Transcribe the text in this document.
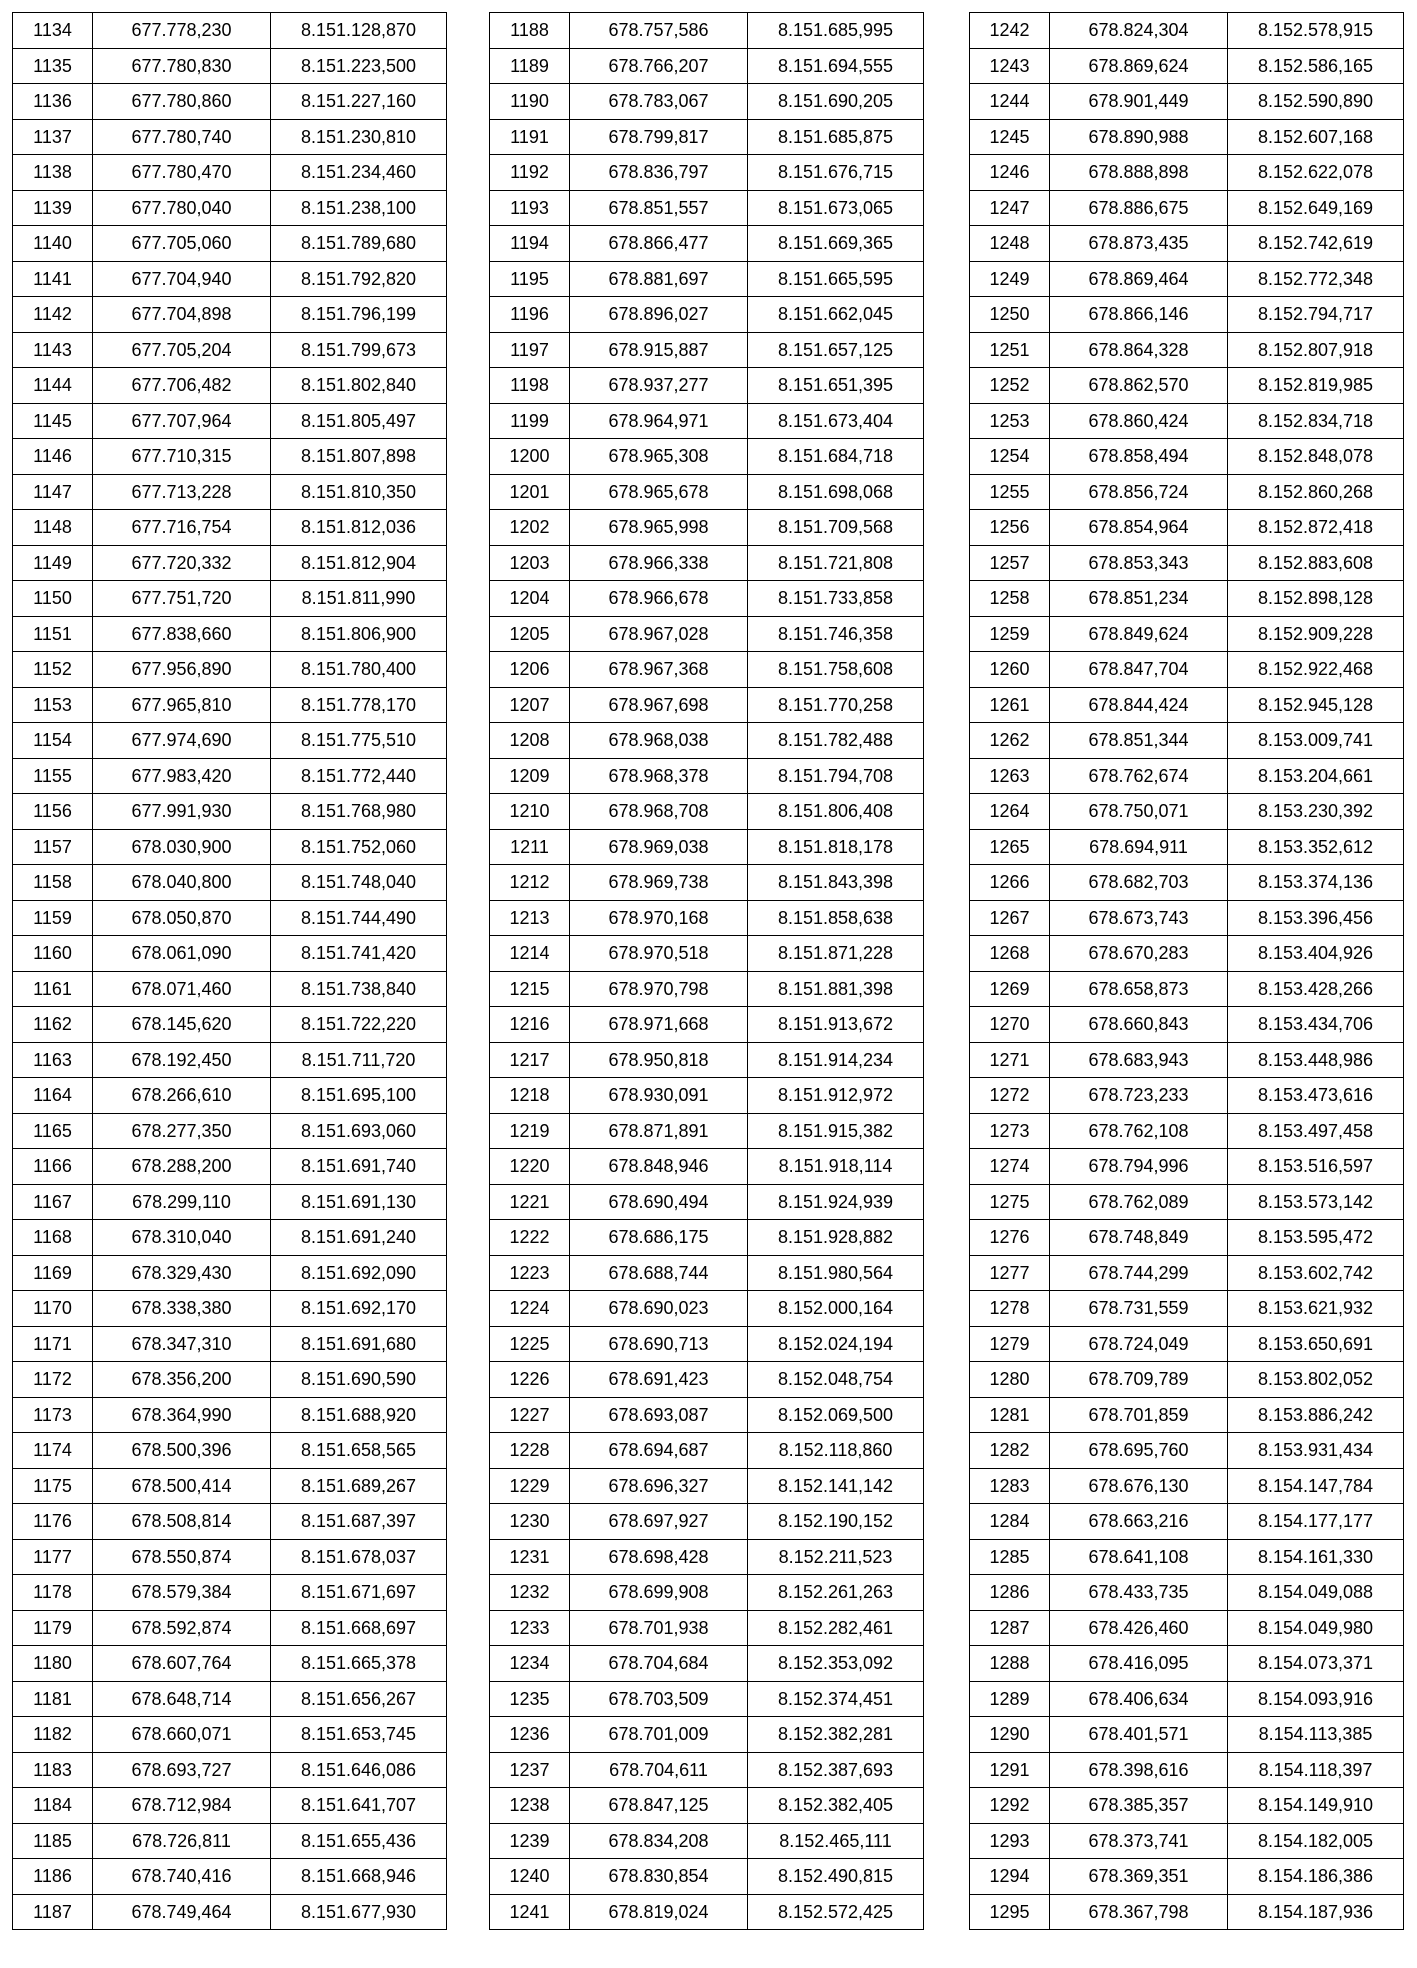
1134	677.778,230	8.151.128,870
1135	677.780,830	8.151.223,500
1136	677.780,860	8.151.227,160
1137	677.780,740	8.151.230,810
1138	677.780,470	8.151.234,460
1139	677.780,040	8.151.238,100
1140	677.705,060	8.151.789,680
1141	677.704,940	8.151.792,820
1142	677.704,898	8.151.796,199
1143	677.705,204	8.151.799,673
1144	677.706,482	8.151.802,840
1145	677.707,964	8.151.805,497
1146	677.710,315	8.151.807,898
1147	677.713,228	8.151.810,350
1148	677.716,754	8.151.812,036
1149	677.720,332	8.151.812,904
1150	677.751,720	8.151.811,990
1151	677.838,660	8.151.806,900
1152	677.956,890	8.151.780,400
1153	677.965,810	8.151.778,170
1154	677.974,690	8.151.775,510
1155	677.983,420	8.151.772,440
1156	677.991,930	8.151.768,980
1157	678.030,900	8.151.752,060
1158	678.040,800	8.151.748,040
1159	678.050,870	8.151.744,490
1160	678.061,090	8.151.741,420
1161	678.071,460	8.151.738,840
1162	678.145,620	8.151.722,220
1163	678.192,450	8.151.711,720
1164	678.266,610	8.151.695,100
1165	678.277,350	8.151.693,060
1166	678.288,200	8.151.691,740
1167	678.299,110	8.151.691,130
1168	678.310,040	8.151.691,240
1169	678.329,430	8.151.692,090
1170	678.338,380	8.151.692,170
1171	678.347,310	8.151.691,680
1172	678.356,200	8.151.690,590
1173	678.364,990	8.151.688,920
1174	678.500,396	8.151.658,565
1175	678.500,414	8.151.689,267
1176	678.508,814	8.151.687,397
1177	678.550,874	8.151.678,037
1178	678.579,384	8.151.671,697
1179	678.592,874	8.151.668,697
1180	678.607,764	8.151.665,378
1181	678.648,714	8.151.656,267
1182	678.660,071	8.151.653,745
1183	678.693,727	8.151.646,086
1184	678.712,984	8.151.641,707
1185	678.726,811	8.151.655,436
1186	678.740,416	8.151.668,946
1187	678.749,464	8.151.677,930
1188	678.757,586	8.151.685,995
1189	678.766,207	8.151.694,555
1190	678.783,067	8.151.690,205
1191	678.799,817	8.151.685,875
1192	678.836,797	8.151.676,715
1193	678.851,557	8.151.673,065
1194	678.866,477	8.151.669,365
1195	678.881,697	8.151.665,595
1196	678.896,027	8.151.662,045
1197	678.915,887	8.151.657,125
1198	678.937,277	8.151.651,395
1199	678.964,971	8.151.673,404
1200	678.965,308	8.151.684,718
1201	678.965,678	8.151.698,068
1202	678.965,998	8.151.709,568
1203	678.966,338	8.151.721,808
1204	678.966,678	8.151.733,858
1205	678.967,028	8.151.746,358
1206	678.967,368	8.151.758,608
1207	678.967,698	8.151.770,258
1208	678.968,038	8.151.782,488
1209	678.968,378	8.151.794,708
1210	678.968,708	8.151.806,408
1211	678.969,038	8.151.818,178
1212	678.969,738	8.151.843,398
1213	678.970,168	8.151.858,638
1214	678.970,518	8.151.871,228
1215	678.970,798	8.151.881,398
1216	678.971,668	8.151.913,672
1217	678.950,818	8.151.914,234
1218	678.930,091	8.151.912,972
1219	678.871,891	8.151.915,382
1220	678.848,946	8.151.918,114
1221	678.690,494	8.151.924,939
1222	678.686,175	8.151.928,882
1223	678.688,744	8.151.980,564
1224	678.690,023	8.152.000,164
1225	678.690,713	8.152.024,194
1226	678.691,423	8.152.048,754
1227	678.693,087	8.152.069,500
1228	678.694,687	8.152.118,860
1229	678.696,327	8.152.141,142
1230	678.697,927	8.152.190,152
1231	678.698,428	8.152.211,523
1232	678.699,908	8.152.261,263
1233	678.701,938	8.152.282,461
1234	678.704,684	8.152.353,092
1235	678.703,509	8.152.374,451
1236	678.701,009	8.152.382,281
1237	678.704,611	8.152.387,693
1238	678.847,125	8.152.382,405
1239	678.834,208	8.152.465,111
1240	678.830,854	8.152.490,815
1241	678.819,024	8.152.572,425
1242	678.824,304	8.152.578,915
1243	678.869,624	8.152.586,165
1244	678.901,449	8.152.590,890
1245	678.890,988	8.152.607,168
1246	678.888,898	8.152.622,078
1247	678.886,675	8.152.649,169
1248	678.873,435	8.152.742,619
1249	678.869,464	8.152.772,348
1250	678.866,146	8.152.794,717
1251	678.864,328	8.152.807,918
1252	678.862,570	8.152.819,985
1253	678.860,424	8.152.834,718
1254	678.858,494	8.152.848,078
1255	678.856,724	8.152.860,268
1256	678.854,964	8.152.872,418
1257	678.853,343	8.152.883,608
1258	678.851,234	8.152.898,128
1259	678.849,624	8.152.909,228
1260	678.847,704	8.152.922,468
1261	678.844,424	8.152.945,128
1262	678.851,344	8.153.009,741
1263	678.762,674	8.153.204,661
1264	678.750,071	8.153.230,392
1265	678.694,911	8.153.352,612
1266	678.682,703	8.153.374,136
1267	678.673,743	8.153.396,456
1268	678.670,283	8.153.404,926
1269	678.658,873	8.153.428,266
1270	678.660,843	8.153.434,706
1271	678.683,943	8.153.448,986
1272	678.723,233	8.153.473,616
1273	678.762,108	8.153.497,458
1274	678.794,996	8.153.516,597
1275	678.762,089	8.153.573,142
1276	678.748,849	8.153.595,472
1277	678.744,299	8.153.602,742
1278	678.731,559	8.153.621,932
1279	678.724,049	8.153.650,691
1280	678.709,789	8.153.802,052
1281	678.701,859	8.153.886,242
1282	678.695,760	8.153.931,434
1283	678.676,130	8.154.147,784
1284	678.663,216	8.154.177,177
1285	678.641,108	8.154.161,330
1286	678.433,735	8.154.049,088
1287	678.426,460	8.154.049,980
1288	678.416,095	8.154.073,371
1289	678.406,634	8.154.093,916
1290	678.401,571	8.154.113,385
1291	678.398,616	8.154.118,397
1292	678.385,357	8.154.149,910
1293	678.373,741	8.154.182,005
1294	678.369,351	8.154.186,386
1295	678.367,798	8.154.187,936
